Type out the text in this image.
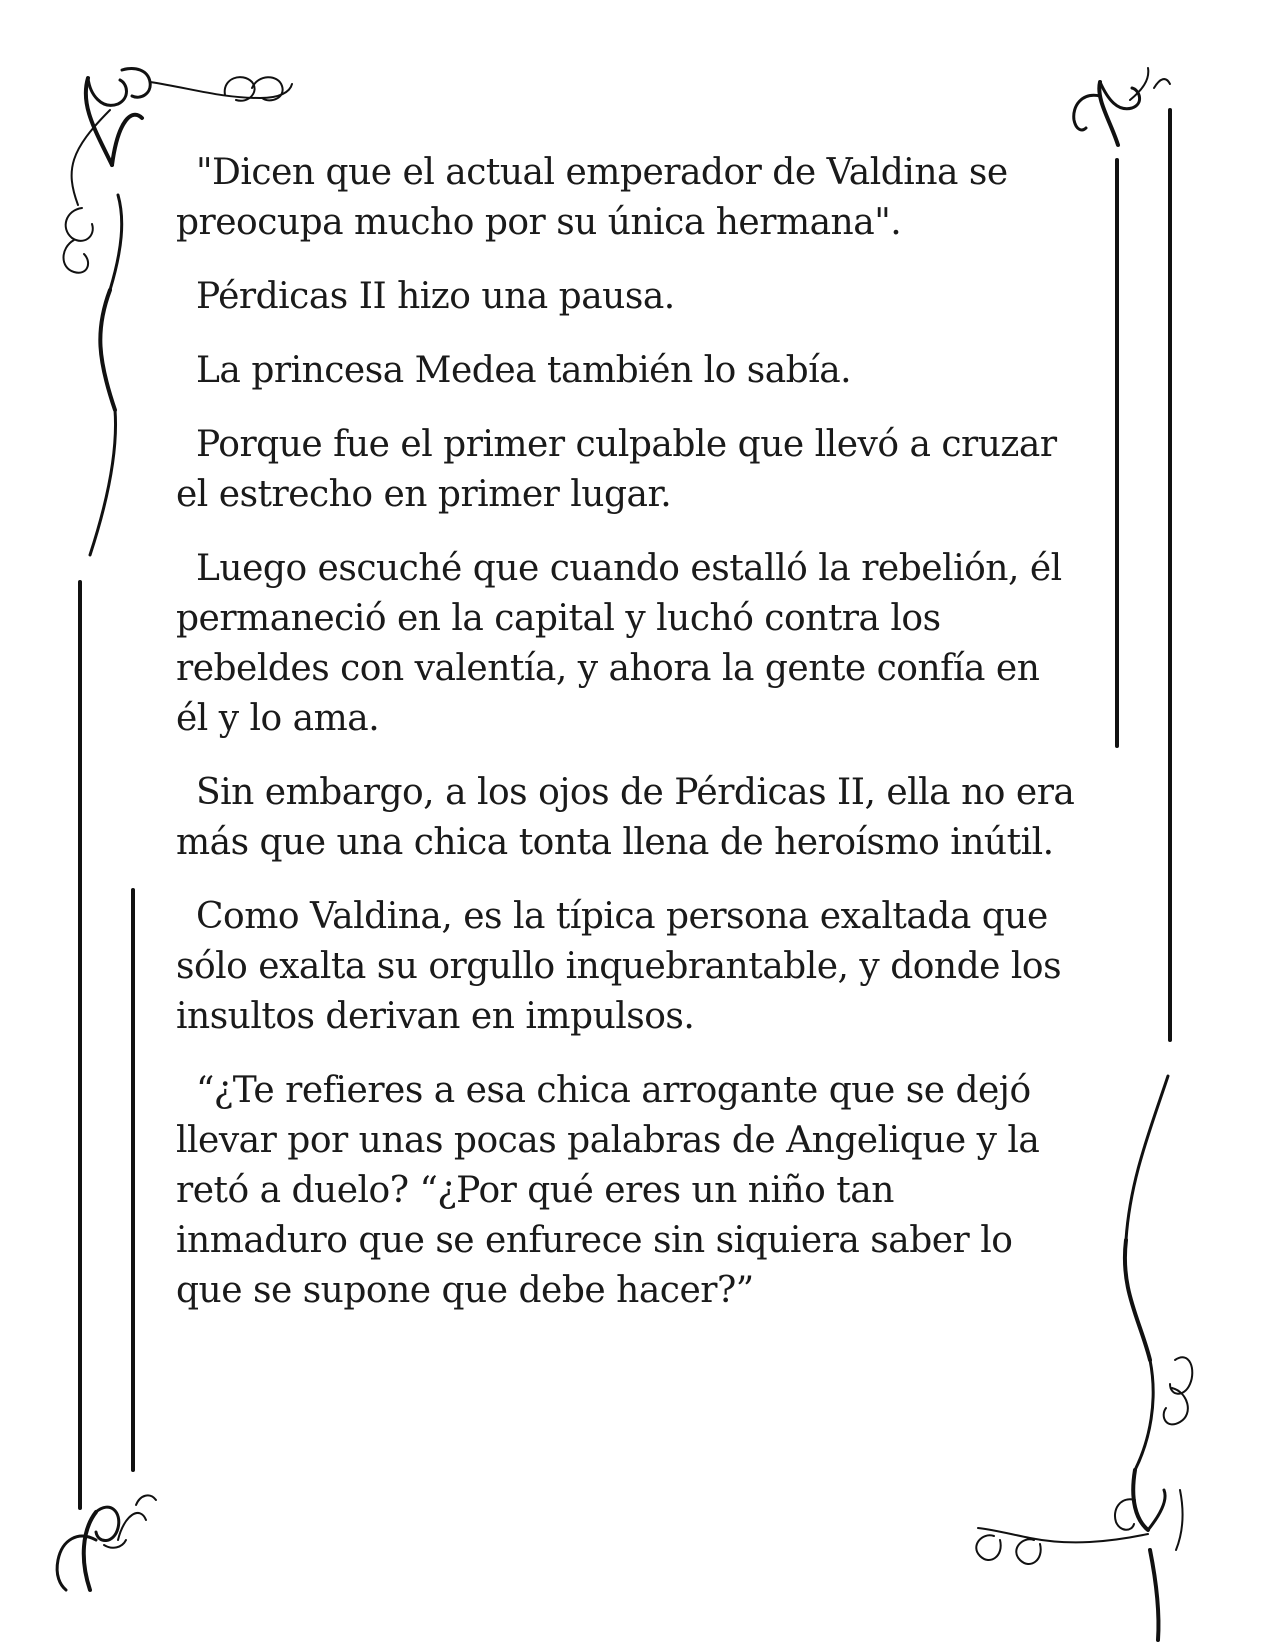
"Dicen que el actual emperador de Valdina se preocupa mucho por su única hermana".

Pérdicas II hizo una pausa.

La princesa Medea también lo sabía.

Porque fue el primer culpable que llevó a cruzar el estrecho en primer lugar.

Luego escuché que cuando estalló la rebelión, él permaneció en la capital y luchó contra los rebeldes con valentía, y ahora la gente confía en él y lo ama.

Sin embargo, a los ojos de Pérdicas II, ella no era más que una chica tonta llena de heroísmo inútil.

Como Valdina, es la típica persona exaltada que sólo exalta su orgullo inquebrantable, y donde los insultos derivan en impulsos.

“¿Te refieres a esa chica arrogante que se dejó llevar por unas pocas palabras de Angelique y la retó a duelo? “¿Por qué eres un niño tan inmaduro que se enfurece sin siquiera saber lo que se supone que debe hacer?”
